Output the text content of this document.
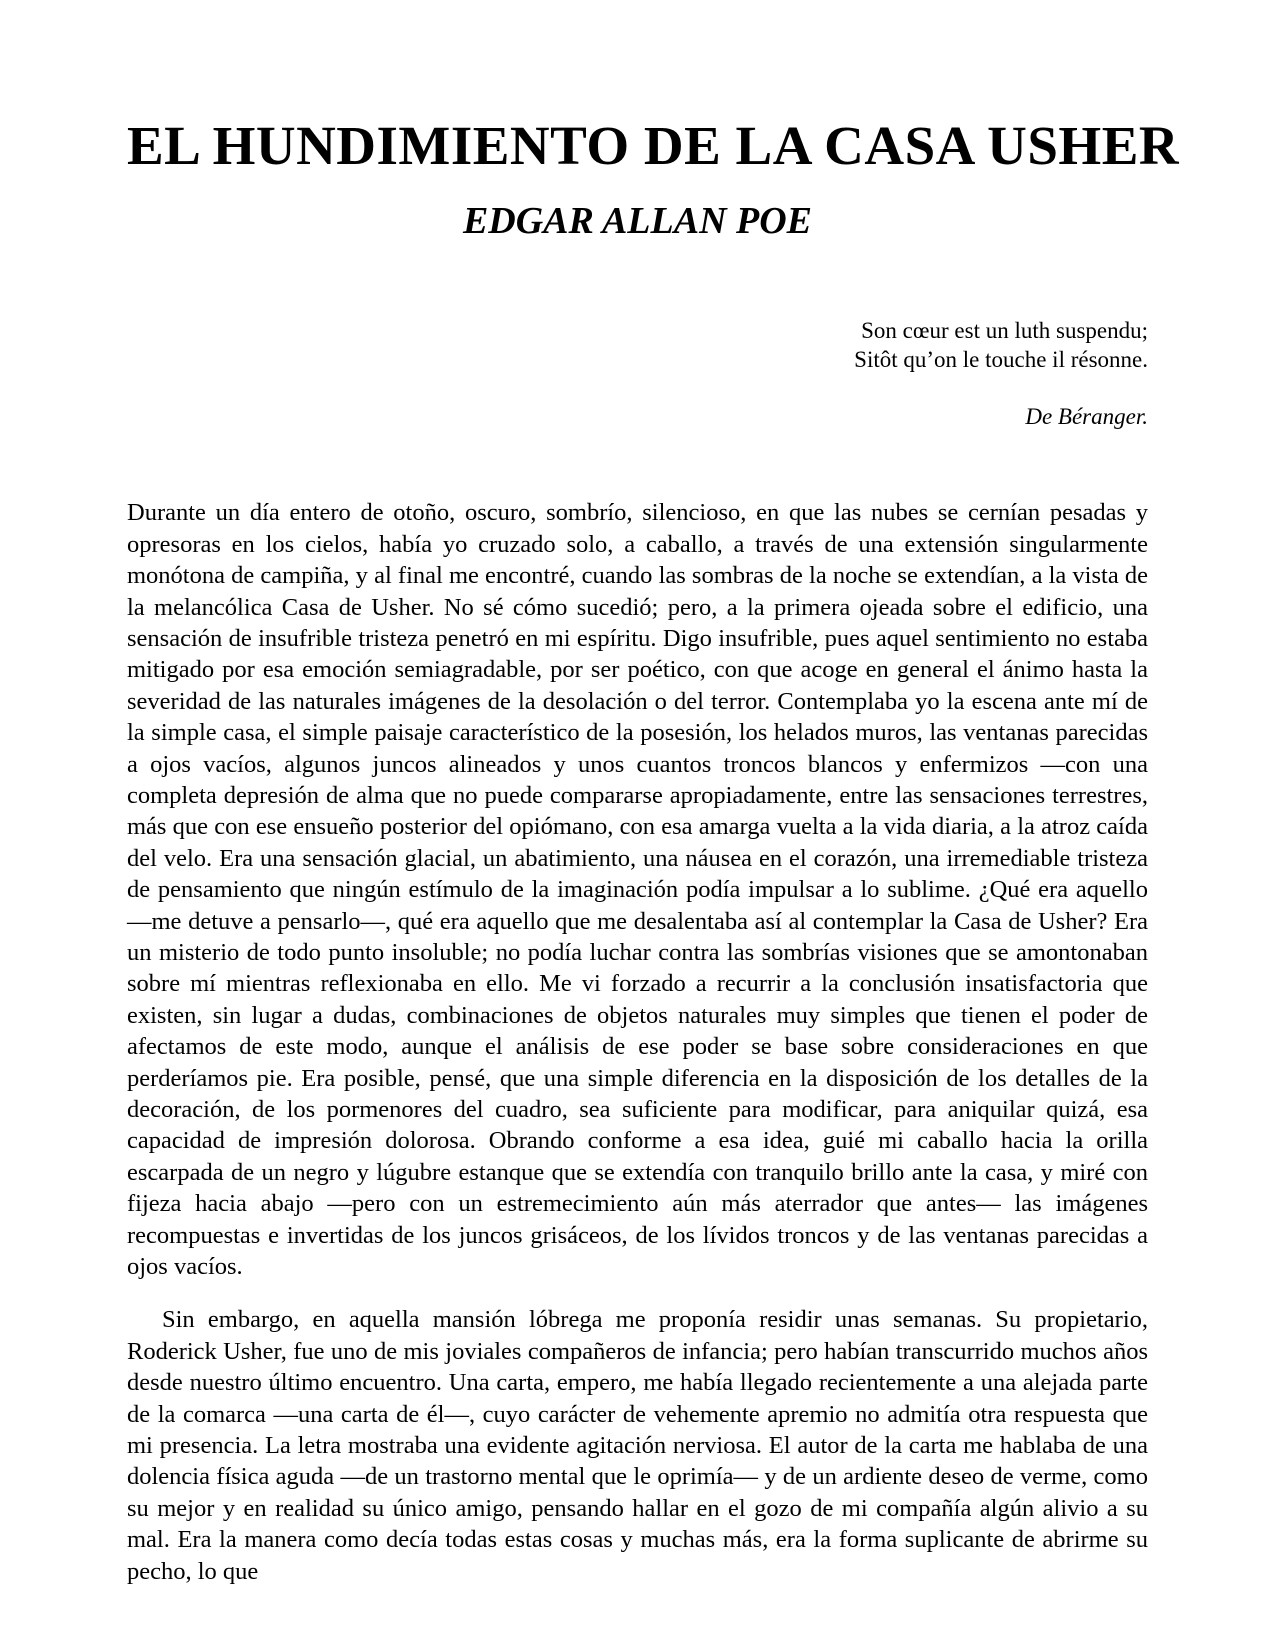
EL HUNDIMIENTO DE LA CASA USHER
EDGAR ALLAN POE
Son cœur est un luth suspendu;
Sitôt qu’on le touche il résonne.
De Béranger.

Durante un día entero de otoño, oscuro, sombrío, silencioso, en que las nubes se cernían pesadas y opresoras en los cielos, había yo cruzado solo, a caballo, a través de una extensión singularmente monótona de campiña, y al final me encontré, cuando las sombras de la noche se extendían, a la vista de la melancólica Casa de Usher. No sé cómo sucedió; pero, a la primera ojeada sobre el edificio, una sensación de insufrible tristeza penetró en mi espíritu. Digo insufrible, pues aquel sentimiento no estaba mitigado por esa emoción semiagradable, por ser poético, con que acoge en general el ánimo hasta la severidad de las naturales imágenes de la desolación o del terror. Contemplaba yo la escena ante mí de la simple casa, el simple paisaje característico de la posesión, los helados muros, las ventanas parecidas a ojos vacíos, algunos juncos alineados y unos cuantos troncos blancos y enfermizos —con una completa depresión de alma que no puede compararse apropiadamente, entre las sensaciones terrestres, más que con ese ensueño posterior del opiómano, con esa amarga vuelta a la vida diaria, a la atroz caída del velo. Era una sensación glacial, un abatimiento, una náusea en el corazón, una irremediable tristeza de pensamiento que ningún estímulo de la imaginación podía impulsar a lo sublime. ¿Qué era aquello —me detuve a pensarlo—, qué era aquello que me desalentaba así al contemplar la Casa de Usher? Era un misterio de todo punto insoluble; no podía luchar contra las sombrías visiones que se amontonaban sobre mí mientras reflexionaba en ello. Me vi forzado a recurrir a la conclusión insatisfactoria que existen, sin lugar a dudas, combinaciones de objetos naturales muy simples que tienen el poder de afectamos de este modo, aunque el análisis de ese poder se base sobre consideraciones en que perderíamos pie. Era posible, pensé, que una simple diferencia en la disposición de los detalles de la decoración, de los pormenores del cuadro, sea suficiente para modificar, para aniquilar quizá, esa capacidad de impresión dolorosa. Obrando conforme a esa idea, guié mi caballo hacia la orilla escarpada de un negro y lúgubre estanque que se extendía con tranquilo brillo ante la casa, y miré con fijeza hacia abajo —pero con un estremecimiento aún más aterrador que antes— las imágenes recompuestas e invertidas de los juncos grisáceos, de los lívidos troncos y de las ventanas parecidas a ojos vacíos.

Sin embargo, en aquella mansión lóbrega me proponía residir unas semanas. Su propietario, Roderick Usher, fue uno de mis joviales compañeros de infancia; pero habían transcurrido muchos años desde nuestro último encuentro. Una carta, empero, me había llegado recientemente a una alejada parte de la comarca —una carta de él—, cuyo carácter de vehemente apremio no admitía otra respuesta que mi presencia. La letra mostraba una evidente agitación nerviosa. El autor de la carta me hablaba de una dolencia física aguda —de un trastorno mental que le oprimía— y de un ardiente deseo de verme, como su mejor y en realidad su único amigo, pensando hallar en el gozo de mi compañía algún alivio a su mal. Era la manera como decía todas estas cosas y muchas más, era la forma suplicante de abrirme su pecho, lo que
